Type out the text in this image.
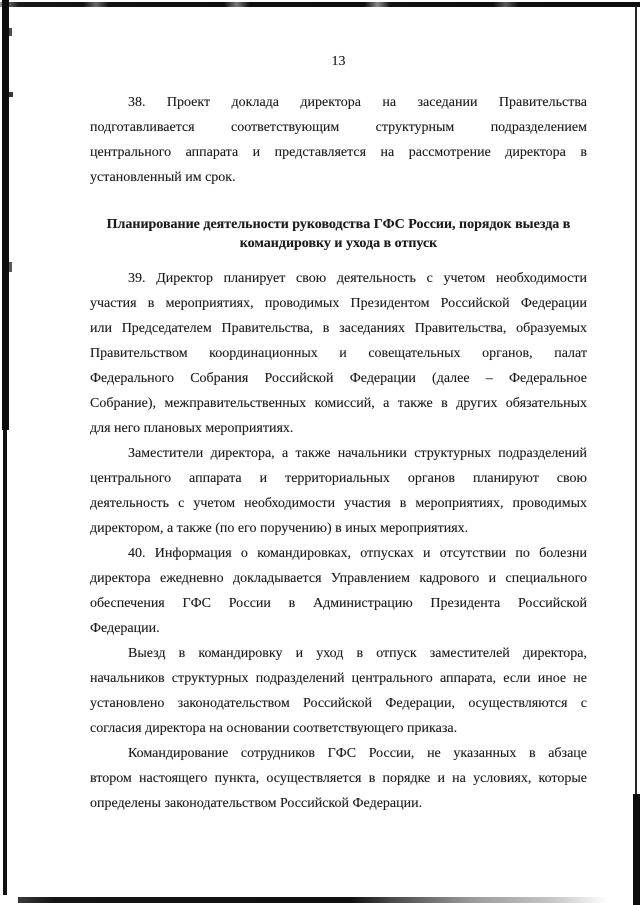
13
38. Проект доклада директора на заседании Правительства
подготавливается соответствующим структурным подразделением
центрального аппарата и представляется на рассмотрение директора в
установленный им срок.
Планирование деятельности руководства ГФС России, порядок выезда в
командировку и ухода в отпуск
39. Директор планирует свою деятельность с учетом необходимости
участия в мероприятиях, проводимых Президентом Российской Федерации
или Председателем Правительства, в заседаниях Правительства, образуемых
Правительством координационных и совещательных органов, палат
Федерального Собрания Российской Федерации (далее – Федеральное
Собрание), межправительственных комиссий, а также в других обязательных
для него плановых мероприятиях.
Заместители директора, а также начальники структурных подразделений
центрального аппарата и территориальных органов планируют свою
деятельность с учетом необходимости участия в мероприятиях, проводимых
директором, а также (по его поручению) в иных мероприятиях.
40. Информация о командировках, отпусках и отсутствии по болезни
директора ежедневно докладывается Управлением кадрового и специального
обеспечения ГФС России в Администрацию Президента Российской
Федерации.
Выезд в командировку и уход в отпуск заместителей директора,
начальников структурных подразделений центрального аппарата, если иное не
установлено законодательством Российской Федерации, осуществляются с
согласия директора на основании соответствующего приказа.
Командирование сотрудников ГФС России, не указанных в абзаце
втором настоящего пункта, осуществляется в порядке и на условиях, которые
определены законодательством Российской Федерации.
